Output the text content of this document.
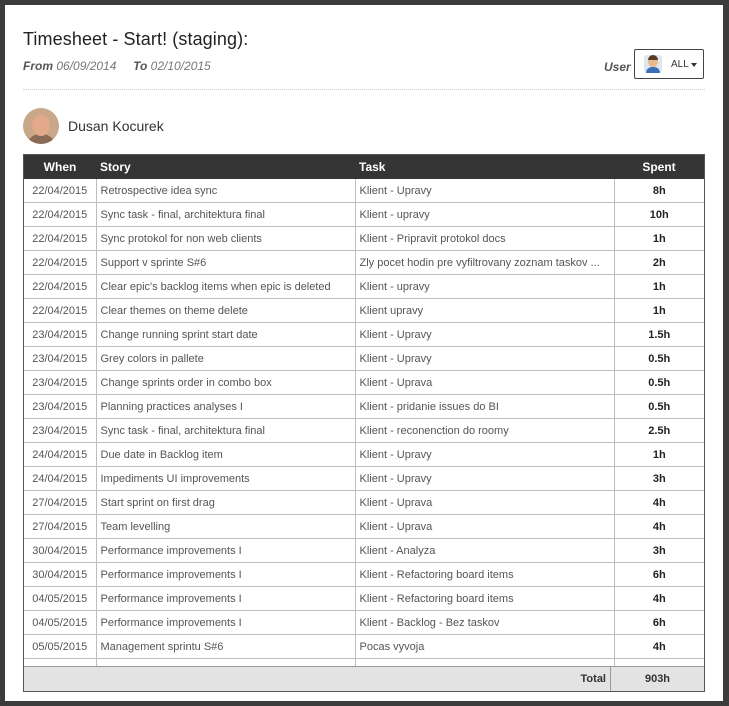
Timesheet - Start! (staging):
From 06/09/2014 To 02/10/2015	User	ALL
Dusan Kocurek
When	Story	Task	Spent
22/04/2015	Retrospective idea sync	Klient - Upravy	8h
22/04/2015	Sync task - final, architektura final	Klient - upravy	10h
22/04/2015	Sync protokol for non web clients	Klient - Pripravit protokol docs	1h
22/04/2015	Support v sprinte S#6	Zly pocet hodin pre vyfiltrovany zoznam taskov ...	2h
22/04/2015	Clear epic's backlog items when epic is deleted	Klient - upravy	1h
22/04/2015	Clear themes on theme delete	Klient upravy	1h
23/04/2015	Change running sprint start date	Klient - Upravy	1.5h
23/04/2015	Grey colors in pallete	Klient - Upravy	0.5h
23/04/2015	Change sprints order in combo box	Klient - Uprava	0.5h
23/04/2015	Planning practices analyses I	Klient - pridanie issues do BI	0.5h
23/04/2015	Sync task - final, architektura final	Klient - reconenction do roomy	2.5h
24/04/2015	Due date in Backlog item	Klient - Upravy	1h
24/04/2015	Impediments UI improvements	Klient - Upravy	3h
27/04/2015	Start sprint on first drag	Klient - Uprava	4h
27/04/2015	Team levelling	Klient - Uprava	4h
30/04/2015	Performance improvements I	Klient - Analyza	3h
30/04/2015	Performance improvements I	Klient - Refactoring board items	6h
04/05/2015	Performance improvements I	Klient - Refactoring board items	4h
04/05/2015	Performance improvements I	Klient - Backlog - Bez taskov	6h
05/05/2015	Management sprintu S#6	Pocas vyvoja	4h

Total	903h
